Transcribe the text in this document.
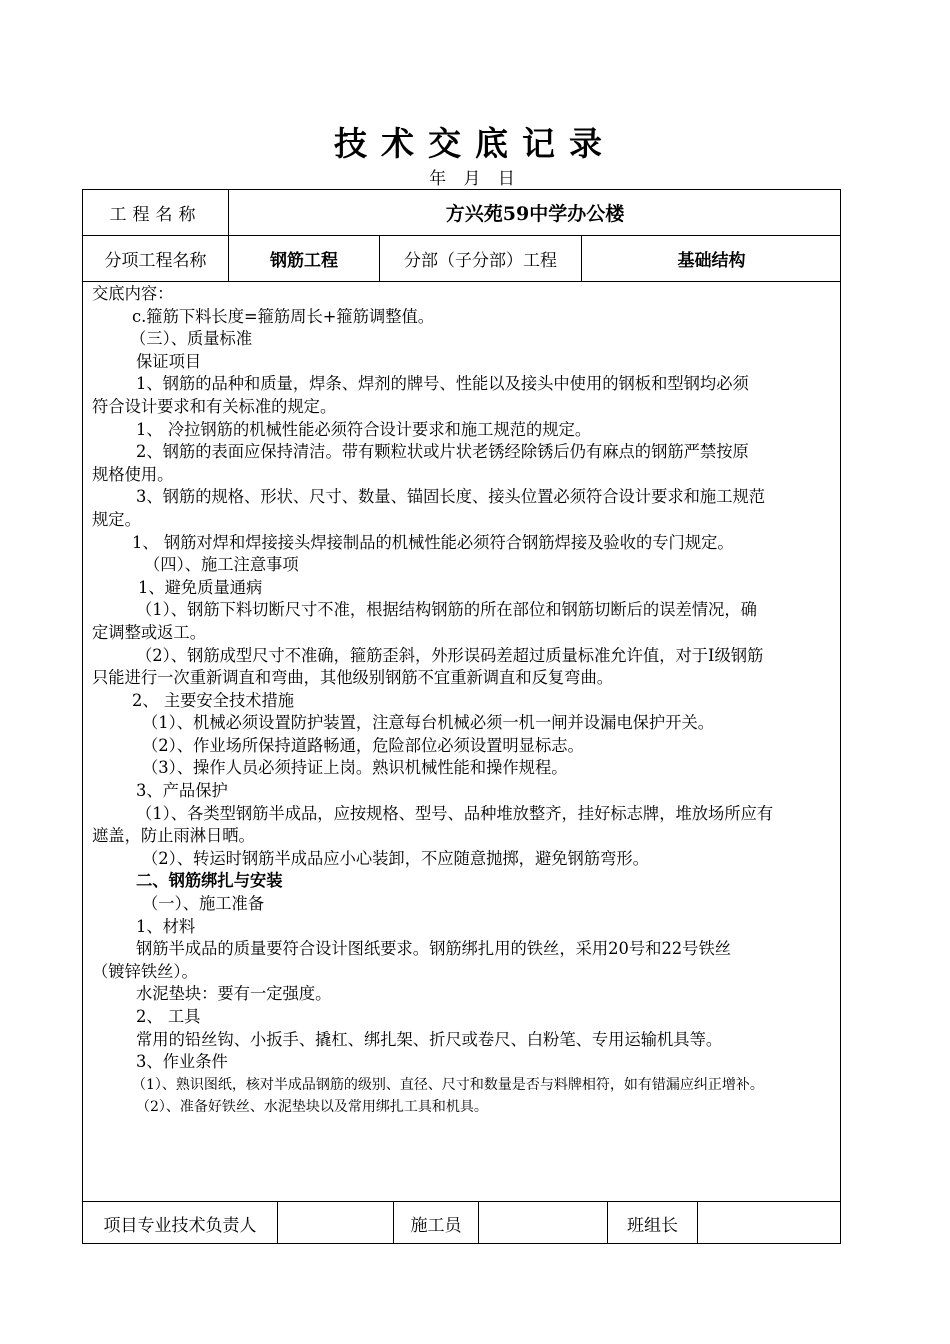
技术交底记录
年 月 日
工程名称	方兴苑59中学办公楼
分项工程名称	钢筋工程	分部（子分部）工程	基础结构
交底内容：
c.箍筋下料长度=箍筋周长+箍筋调整值。
（三）、质量标准
保证项目
1、钢筋的品种和质量，焊条、焊剂的牌号、性能以及接头中使用的钢板和型钢均必须
符合设计要求和有关标准的规定。
1、 冷拉钢筋的机械性能必须符合设计要求和施工规范的规定。
2、钢筋的表面应保持清洁。带有颗粒状或片状老锈经除锈后仍有麻点的钢筋严禁按原
规格使用。
3、钢筋的规格、形状、尺寸、数量、锚固长度、接头位置必须符合设计要求和施工规范
规定。
1、 钢筋对焊和焊接接头焊接制品的机械性能必须符合钢筋焊接及验收的专门规定。
（四）、施工注意事项
1、避免质量通病
（1）、钢筋下料切断尺寸不准，根据结构钢筋的所在部位和钢筋切断后的误差情况，确
定调整或返工。
（2）、钢筋成型尺寸不准确，箍筋歪斜，外形误码差超过质量标准允许值，对于I级钢筋
只能进行一次重新调直和弯曲，其他级别钢筋不宜重新调直和反复弯曲。
2、 主要安全技术措施
（1）、机械必须设置防护装置，注意每台机械必须一机一闸并设漏电保护开关。
（2）、作业场所保持道路畅通，危险部位必须设置明显标志。
（3）、操作人员必须持证上岗。熟识机械性能和操作规程。
3、产品保护
（1）、各类型钢筋半成品，应按规格、型号、品种堆放整齐，挂好标志牌，堆放场所应有
遮盖，防止雨淋日晒。
（2）、转运时钢筋半成品应小心装卸，不应随意抛掷，避免钢筋弯形。
二、钢筋绑扎与安装
（一）、施工准备
1、材料
钢筋半成品的质量要符合设计图纸要求。钢筋绑扎用的铁丝，采用20号和22号铁丝
（镀锌铁丝）。
水泥垫块：要有一定强度。
2、 工具
常用的铅丝钩、小扳手、撬杠、绑扎架、折尺或卷尺、白粉笔、专用运输机具等。
3、作业条件
（1）、熟识图纸，核对半成品钢筋的级别、直径、尺寸和数量是否与料牌相符，如有错漏应纠正增补。
（2）、准备好铁丝、水泥垫块以及常用绑扎工具和机具。
项目专业技术负责人	施工员	班组长
